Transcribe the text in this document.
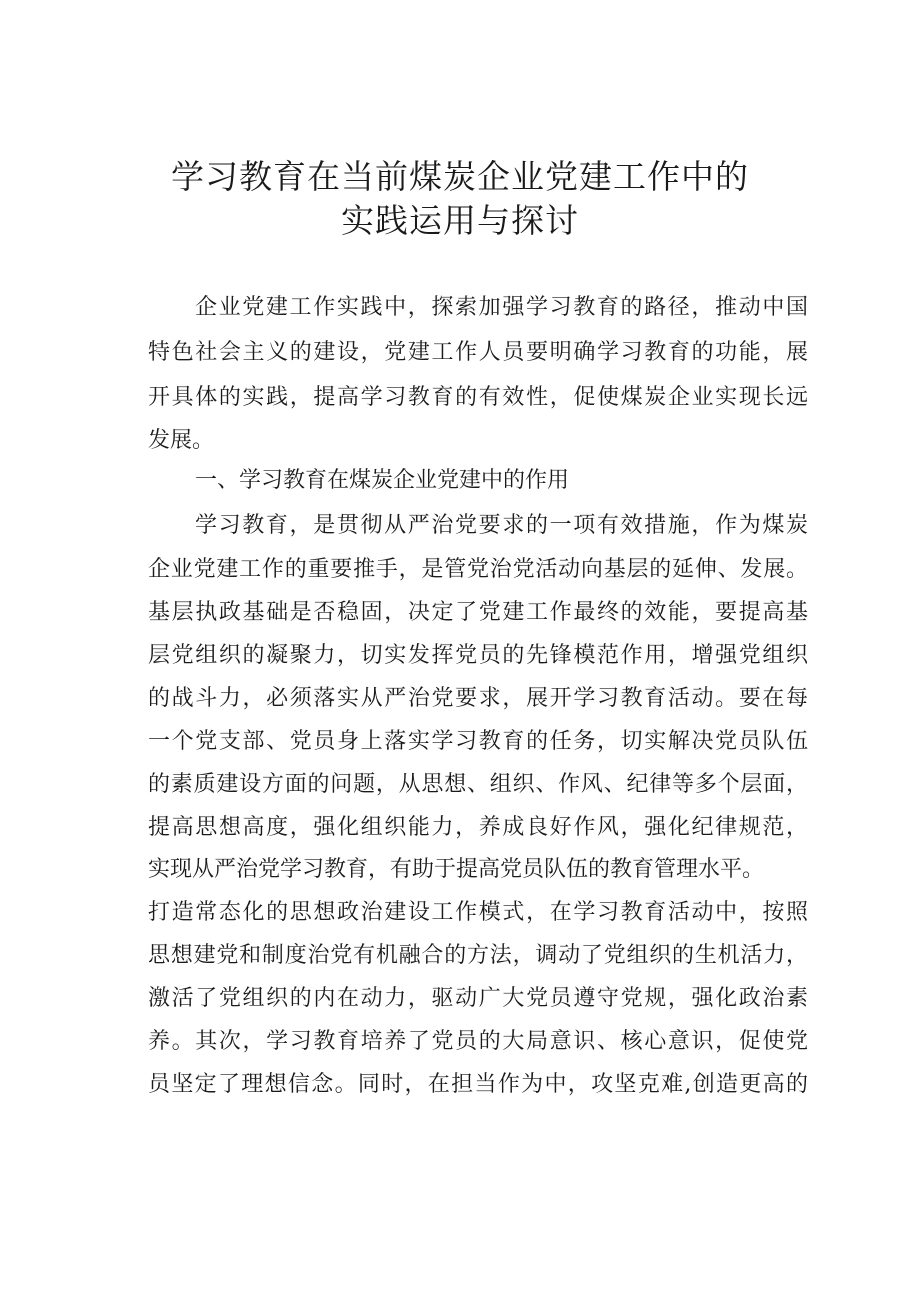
学习教育在当前煤炭企业党建工作中的
实践运用与探讨

企业党建工作实践中，探索加强学习教育的路径，推动中国

特色社会主义的建设，党建工作人员要明确学习教育的功能，展

开具体的实践，提高学习教育的有效性，促使煤炭企业实现长远

发展。

一、学习教育在煤炭企业党建中的作用

学习教育，是贯彻从严治党要求的一项有效措施，作为煤炭

企业党建工作的重要推手，是管党治党活动向基层的延伸、发展。

基层执政基础是否稳固，决定了党建工作最终的效能，要提高基

层党组织的凝聚力，切实发挥党员的先锋模范作用，增强党组织

的战斗力，必须落实从严治党要求，展开学习教育活动。要在每

一个党支部、党员身上落实学习教育的任务，切实解决党员队伍

的素质建设方面的问题，从思想、组织、作风、纪律等多个层面，

提高思想高度，强化组织能力，养成良好作风，强化纪律规范，

实现从严治党学习教育，有助于提高党员队伍的教育管理水平。

打造常态化的思想政治建设工作模式，在学习教育活动中，按照

思想建党和制度治党有机融合的方法，调动了党组织的生机活力，

激活了党组织的内在动力，驱动广大党员遵守党规，强化政治素

养。其次，学习教育培养了党员的大局意识、核心意识，促使党

员坚定了理想信念。同时，在担当作为中，攻坚克难,创造更高的
